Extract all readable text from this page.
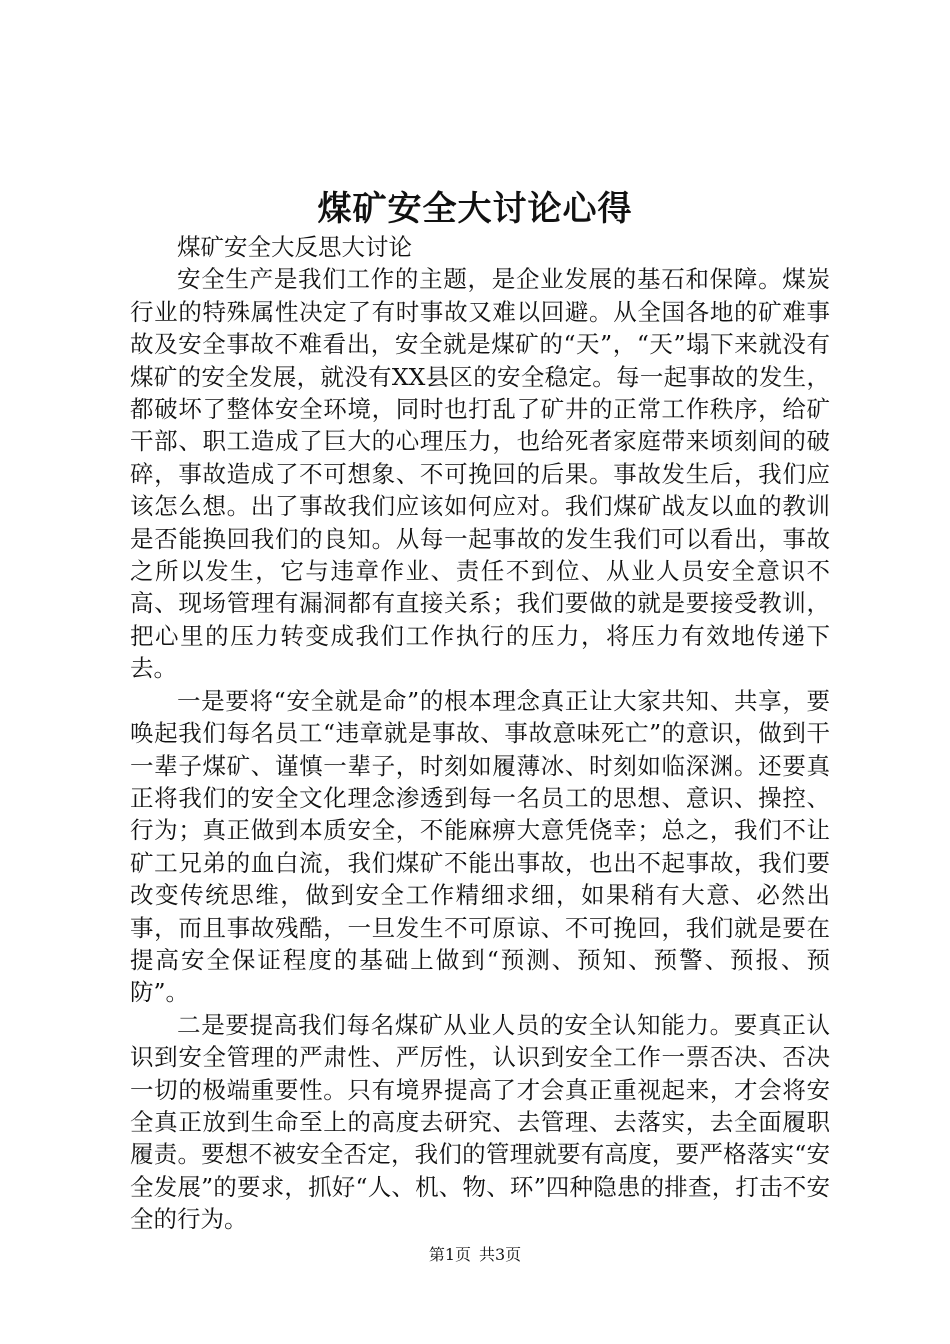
煤矿安全大讨论心得

煤矿安全大反思大讨论

安全生产是我们工作的主题，是企业发展的基石和保障。煤炭行业的特殊属性决定了有时事故又难以回避。从全国各地的矿难事故及安全事故不难看出，安全就是煤矿的“天”，“天”塌下来就没有煤矿的安全发展，就没有XX县区的安全稳定。每一起事故的发生，都破坏了整体安全环境，同时也打乱了矿井的正常工作秩序，给矿干部、职工造成了巨大的心理压力，也给死者家庭带来顷刻间的破碎，事故造成了不可想象、不可挽回的后果。事故发生后，我们应该怎么想。出了事故我们应该如何应对。我们煤矿战友以血的教训是否能换回我们的良知。从每一起事故的发生我们可以看出，事故之所以发生，它与违章作业、责任不到位、从业人员安全意识不高、现场管理有漏洞都有直接关系；我们要做的就是要接受教训，把心里的压力转变成我们工作执行的压力，将压力有效地传递下去。

一是要将“安全就是命”的根本理念真正让大家共知、共享，要唤起我们每名员工“违章就是事故、事故意味死亡”的意识，做到干一辈子煤矿、谨慎一辈子，时刻如履薄冰、时刻如临深渊。还要真正将我们的安全文化理念渗透到每一名员工的思想、意识、操控、行为；真正做到本质安全，不能麻痹大意凭侥幸；总之，我们不让矿工兄弟的血白流，我们煤矿不能出事故，也出不起事故，我们要改变传统思维，做到安全工作精细求细，如果稍有大意、必然出事，而且事故残酷，一旦发生不可原谅、不可挽回，我们就是要在提高安全保证程度的基础上做到“预测、预知、预警、预报、预防”。

二是要提高我们每名煤矿从业人员的安全认知能力。要真正认识到安全管理的严肃性、严厉性，认识到安全工作一票否决、否决一切的极端重要性。只有境界提高了才会真正重视起来，才会将安全真正放到生命至上的高度去研究、去管理、去落实，去全面履职履责。要想不被安全否定，我们的管理就要有高度，要严格落实“安全发展”的要求，抓好“人、机、物、环”四种隐患的排查，打击不安全的行为。

第1页 共3页
